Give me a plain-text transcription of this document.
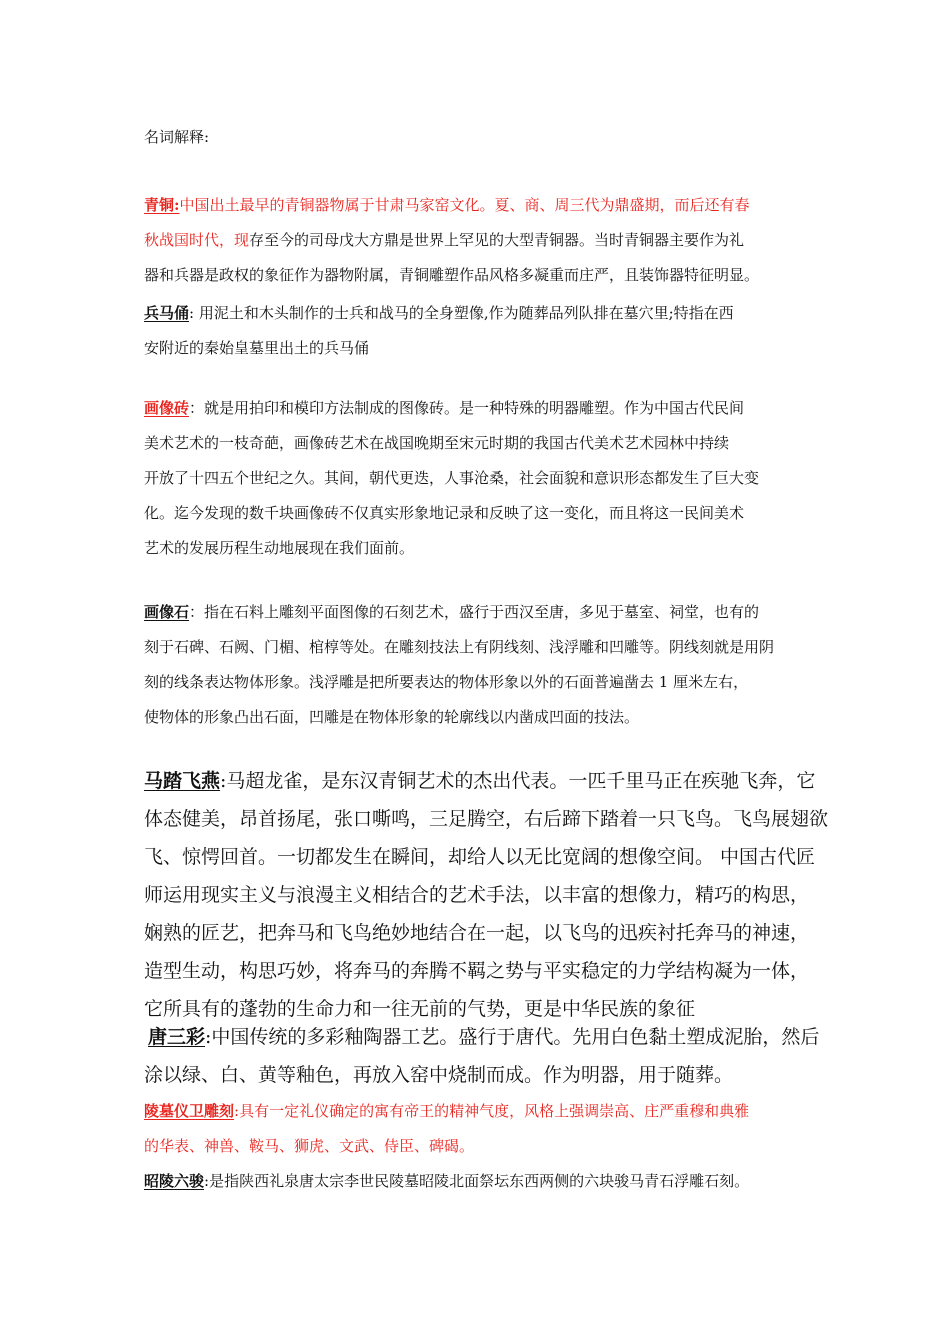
名词解释:
青铜:中国出土最早的青铜器物属于甘肃马家窑文化。夏、商、周三代为鼎盛期，而后还有春
秋战国时代，现存至今的司母戊大方鼎是世界上罕见的大型青铜器。当时青铜器主要作为礼
器和兵器是政权的象征作为器物附属，青铜雕塑作品风格多凝重而庄严，且装饰器特征明显。
兵马俑: 用泥土和木头制作的士兵和战马的全身塑像,作为随葬品列队排在墓穴里;特指在西
安附近的秦始皇墓里出土的兵马俑
画像砖：就是用拍印和模印方法制成的图像砖。是一种特殊的明器雕塑。作为中国古代民间
美术艺术的一枝奇葩，画像砖艺术在战国晚期至宋元时期的我国古代美术艺术园林中持续
开放了十四五个世纪之久。其间，朝代更迭，人事沧桑，社会面貌和意识形态都发生了巨大变
化。迄今发现的数千块画像砖不仅真实形象地记录和反映了这一变化，而且将这一民间美术
艺术的发展历程生动地展现在我们面前。
画像石：指在石料上雕刻平面图像的石刻艺术，盛行于西汉至唐，多见于墓室、祠堂，也有的
刻于石碑、石阙、门楣、棺椁等处。在雕刻技法上有阴线刻、浅浮雕和凹雕等。阴线刻就是用阴
刻的线条表达物体形象。浅浮雕是把所要表达的物体形象以外的石面普遍凿去 1 厘米左右，
使物体的形象凸出石面，凹雕是在物体形象的轮廓线以内凿成凹面的技法。
马踏飞燕:马超龙雀，是东汉青铜艺术的杰出代表。一匹千里马正在疾驰飞奔，它
体态健美，昂首扬尾，张口嘶鸣，三足腾空，右后蹄下踏着一只飞鸟。飞鸟展翅欲
飞、惊愕回首。一切都发生在瞬间，却给人以无比宽阔的想像空间。 中国古代匠
师运用现实主义与浪漫主义相结合的艺术手法，以丰富的想像力，精巧的构思，
娴熟的匠艺，把奔马和飞鸟绝妙地结合在一起，以飞鸟的迅疾衬托奔马的神速，
造型生动，构思巧妙，将奔马的奔腾不羁之势与平实稳定的力学结构凝为一体，
它所具有的蓬勃的生命力和一往无前的气势，更是中华民族的象征
唐三彩:中国传统的多彩釉陶器工艺。盛行于唐代。先用白色黏土塑成泥胎，然后
涂以绿、白、黄等釉色，再放入窑中烧制而成。作为明器，用于随葬。
陵墓仪卫雕刻:具有一定礼仪确定的寓有帝王的精神气度，风格上强调崇高、庄严重穆和典雅
的华表、神兽、鞍马、狮虎、文武、侍臣、碑碣。
昭陵六骏:是指陕西礼泉唐太宗李世民陵墓昭陵北面祭坛东西两侧的六块骏马青石浮雕石刻。
